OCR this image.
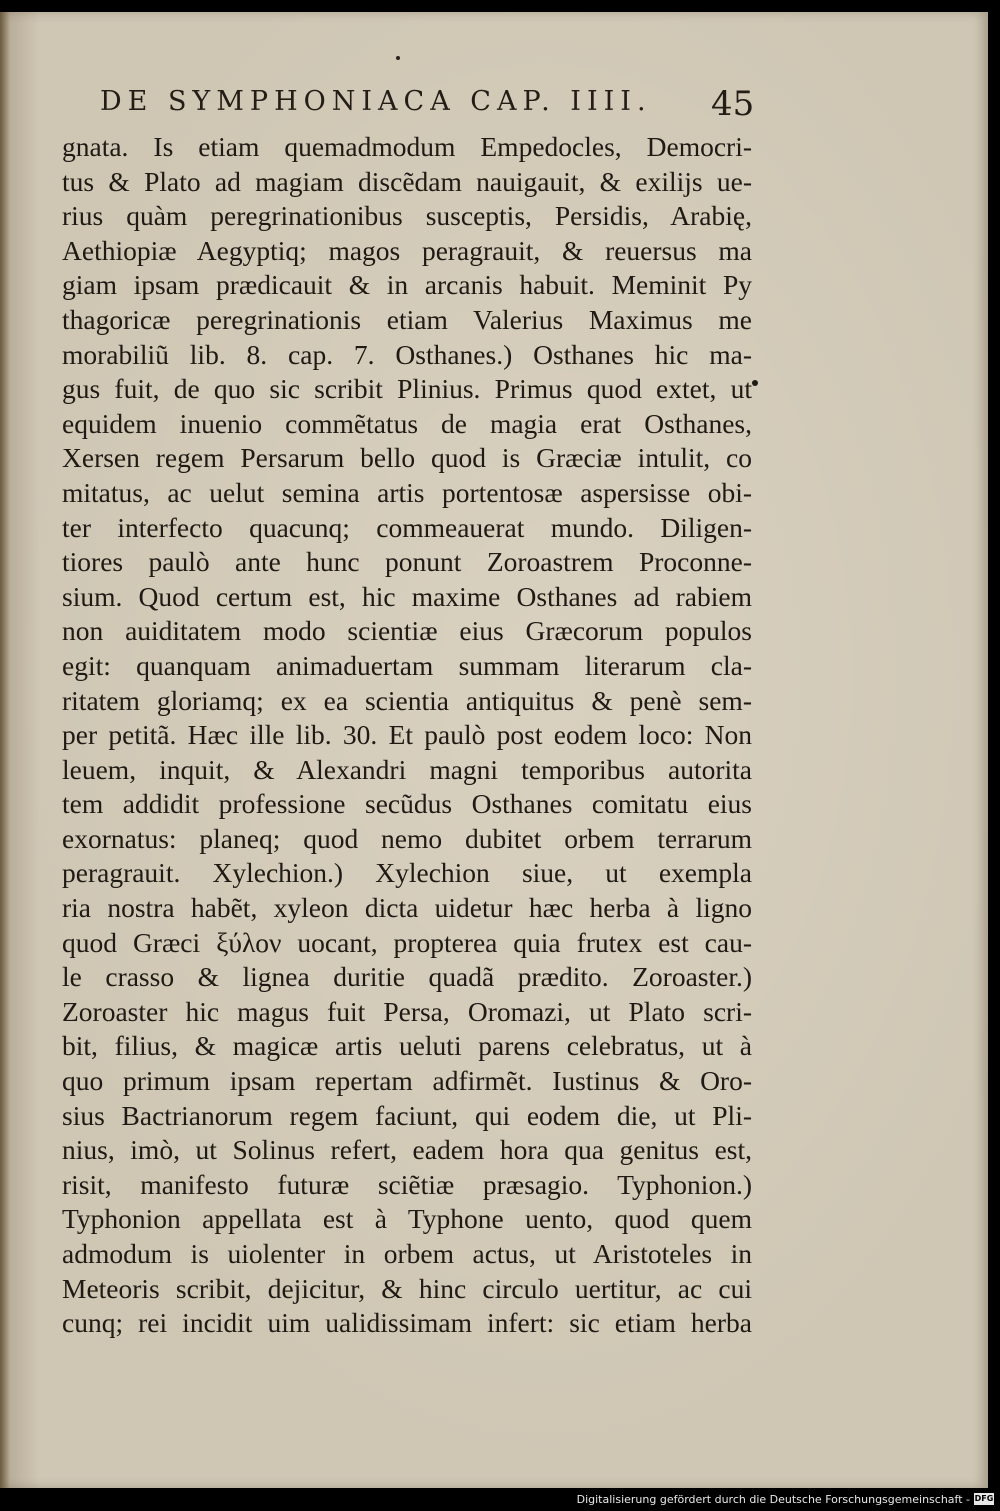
DE SYMPHONIACA CAP. IIII. 45
gnata. Is etiam quemadmodum Empedocles, Democri-
tus & Plato ad magiam discẽdam nauigauit, & exilijs ue-
rius quàm peregrinationibus susceptis, Persidis, Arabię,
Aethiopiæ Aegyptiq; magos peragrauit, & reuersus ma
giam ipsam prædicauit & in arcanis habuit. Meminit Py
thagoricæ peregrinationis etiam Valerius Maximus me
morabiliũ lib. 8. cap. 7. Osthanes.) Osthanes hic ma-
gus fuit, de quo sic scribit Plinius. Primus quod extet, ut
equidem inuenio commẽtatus de magia erat Osthanes,
Xersen regem Persarum bello quod is Græciæ intulit, co
mitatus, ac uelut semina artis portentosæ aspersisse obi-
ter interfecto quacunq; commeauerat mundo. Diligen-
tiores paulò ante hunc ponunt Zoroastrem Proconne-
sium. Quod certum est, hic maxime Osthanes ad rabiem
non auiditatem modo scientiæ eius Græcorum populos
egit: quanquam animaduertam summam literarum cla-
ritatem gloriamq; ex ea scientia antiquitus & penè sem-
per petitã. Hæc ille lib. 30. Et paulò post eodem loco: Non
leuem, inquit, & Alexandri magni temporibus autorita
tem addidit professione secũdus Osthanes comitatu eius
exornatus: planeq; quod nemo dubitet orbem terrarum
peragrauit. Xylechion.) Xylechion siue, ut exempla
ria nostra habẽt, xyleon dicta uidetur hæc herba à ligno
quod Græci ξύλον uocant, propterea quia frutex est cau-
le crasso & lignea duritie quadã prædito. Zoroaster.)
Zoroaster hic magus fuit Persa, Oromazi, ut Plato scri-
bit, filius, & magicæ artis ueluti parens celebratus, ut à
quo primum ipsam repertam adfirmẽt. Iustinus & Oro-
sius Bactrianorum regem faciunt, qui eodem die, ut Pli-
nius, imò, ut Solinus refert, eadem hora qua genitus est,
risit, manifesto futuræ sciẽtiæ præsagio. Typhonion.)
Typhonion appellata est à Typhone uento, quod quem
admodum is uiolenter in orbem actus, ut Aristoteles in
Meteoris scribit, dejicitur, & hinc circulo uertitur, ac cui
cunq; rei incidit uim ualidissimam infert: sic etiam herba
Digitalisierung gefördert durch die Deutsche Forschungsgemeinschaft - DFG
